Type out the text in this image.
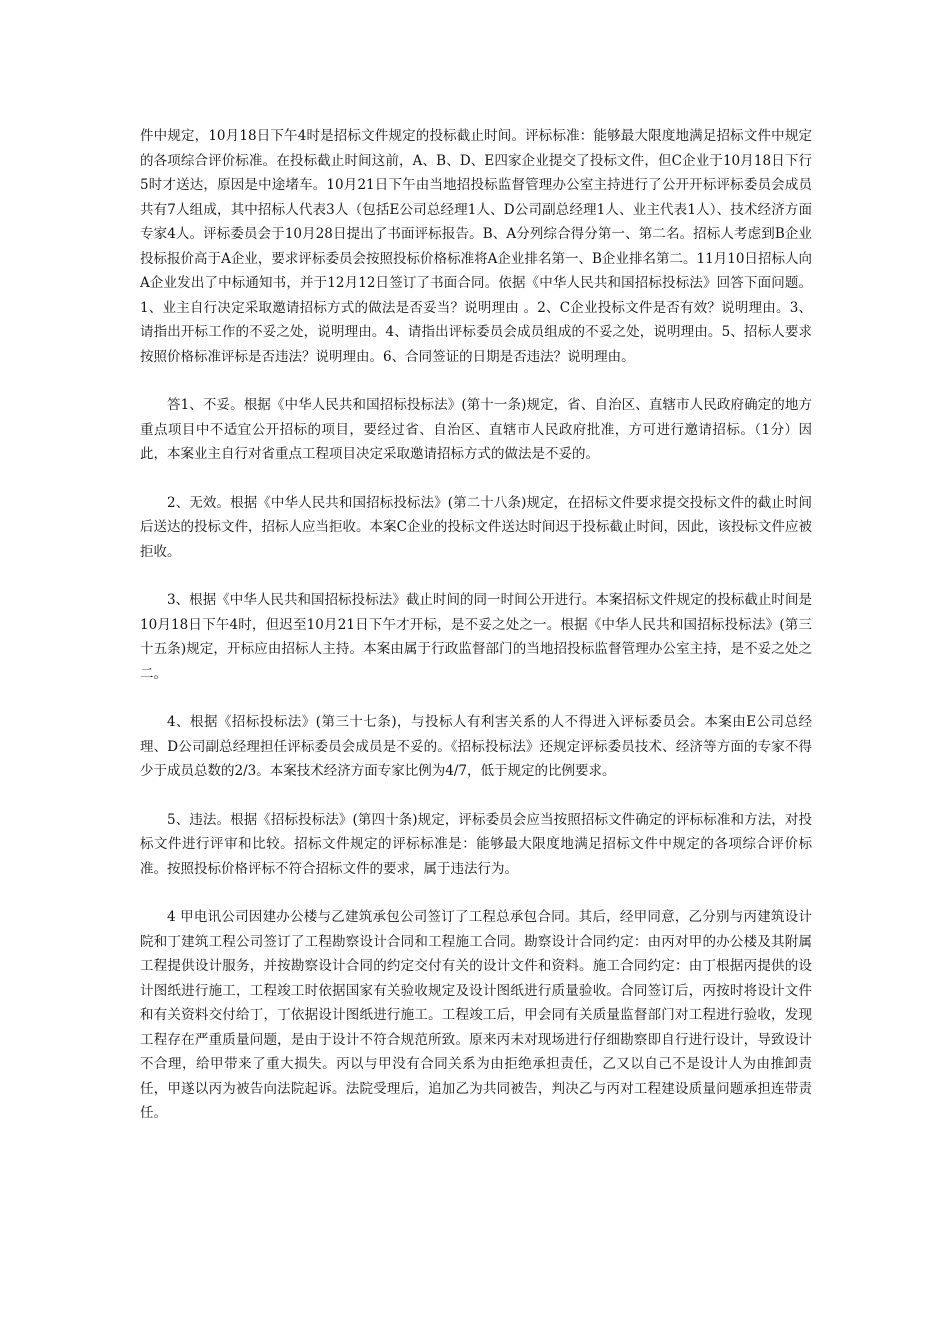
件中规定，10月18日下午4时是招标文件规定的投标截止时间。评标标准：能够最大限度地满足招标文件中规定的各项综合评价标准。在投标截止时间这前，A、B、D、E四家企业提交了投标文件，但C企业于10月18日下行5时才送达，原因是中途堵车。10月21日下午由当地招投标监督管理办公室主持进行了公开开标评标委员会成员共有7人组成，其中招标人代表3人（包括E公司总经理1人、D公司副总经理1人、业主代表1人）、技术经济方面专家4人。评标委员会于10月28日提出了书面评标报告。B、A分列综合得分第一、第二名。招标人考虑到B企业投标报价高于A企业，要求评标委员会按照投标价格标准将A企业排名第一、B企业排名第二。11月10日招标人向A企业发出了中标通知书，并于12月12日签订了书面合同。依据《中华人民共和国招标投标法》回答下面问题。1、业主自行决定采取邀请招标方式的做法是否妥当？说明理由 。2、C企业投标文件是否有效？说明理由。3、请指出开标工作的不妥之处，说明理由。4、请指出评标委员会成员组成的不妥之处，说明理由。5、招标人要求按照价格标准评标是否违法？说明理由。6、合同签证的日期是否违法？说明理由。

答1、不妥。根据《中华人民共和国招标投标法》(第十一条)规定，省、自治区、直辖市人民政府确定的地方重点项目中不适宜公开招标的项目，要经过省、自治区、直辖市人民政府批准，方可进行邀请招标。（1分）因此，本案业主自行对省重点工程项目决定采取邀请招标方式的做法是不妥的。

2、无效。根据《中华人民共和国招标投标法》(第二十八条)规定，在招标文件要求提交投标文件的截止时间后送达的投标文件，招标人应当拒收。本案C企业的投标文件送达时间迟于投标截止时间，因此，该投标文件应被拒收。

3、根据《中华人民共和国招标投标法》截止时间的同一时间公开进行。本案招标文件规定的投标截止时间是10月18日下午4时，但迟至10月21日下午才开标，是不妥之处之一。根据《中华人民共和国招标投标法》(第三十五条)规定，开标应由招标人主持。本案由属于行政监督部门的当地招投标监督管理办公室主持，是不妥之处之二。

4、根据《招标投标法》(第三十七条)，与投标人有利害关系的人不得进入评标委员会。本案由E公司总经理、D公司副总经理担任评标委员会成员是不妥的。《招标投标法》还规定评标委员技术、经济等方面的专家不得少于成员总数的2/3。本案技术经济方面专家比例为4/7，低于规定的比例要求。

5、违法。根据《招标投标法》(第四十条)规定，评标委员会应当按照招标文件确定的评标标准和方法，对投标文件进行评审和比较。招标文件规定的评标标准是：能够最大限度地满足招标文件中规定的各项综合评价标准。按照投标价格评标不符合招标文件的要求，属于违法行为。

4 甲电讯公司因建办公楼与乙建筑承包公司签订了工程总承包合同。其后，经甲同意，乙分别与丙建筑设计院和丁建筑工程公司签订了工程勘察设计合同和工程施工合同。勘察设计合同约定：由丙对甲的办公楼及其附属工程提供设计服务，并按勘察设计合同的约定交付有关的设计文件和资料。施工合同约定：由丁根据丙提供的设计图纸进行施工，工程竣工时依据国家有关验收规定及设计图纸进行质量验收。合同签订后，丙按时将设计文件和有关资料交付给丁，丁依据设计图纸进行施工。工程竣工后，甲会同有关质量监督部门对工程进行验收，发现工程存在严重质量问题，是由于设计不符合规范所致。原来丙未对现场进行仔细勘察即自行进行设计，导致设计不合理，给甲带来了重大损失。丙以与甲没有合同关系为由拒绝承担责任，乙又以自己不是设计人为由推卸责任，甲遂以丙为被告向法院起诉。法院受理后，追加乙为共同被告，判决乙与丙对工程建设质量问题承担连带责任。
